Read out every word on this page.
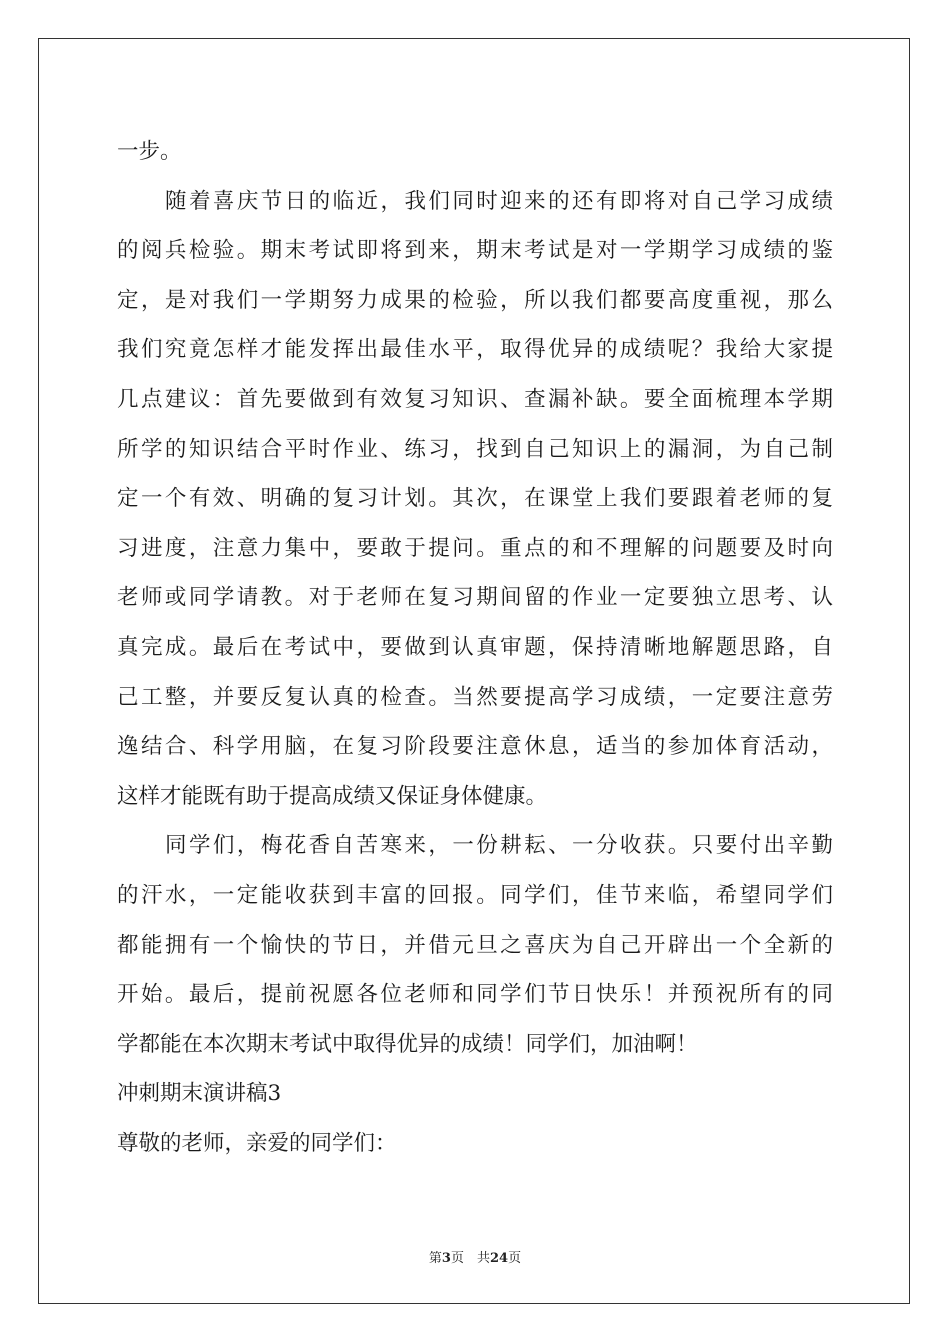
一步。
随着喜庆节日的临近，我们同时迎来的还有即将对自己学习成绩
的阅兵检验。期末考试即将到来，期末考试是对一学期学习成绩的鉴
定，是对我们一学期努力成果的检验，所以我们都要高度重视，那么
我们究竟怎样才能发挥出最佳水平，取得优异的成绩呢？我给大家提
几点建议：首先要做到有效复习知识、查漏补缺。要全面梳理本学期
所学的知识结合平时作业、练习，找到自己知识上的漏洞，为自己制
定一个有效、明确的复习计划。其次，在课堂上我们要跟着老师的复
习进度，注意力集中，要敢于提问。重点的和不理解的问题要及时向
老师或同学请教。对于老师在复习期间留的作业一定要独立思考、认
真完成。最后在考试中，要做到认真审题，保持清晰地解题思路，自
己工整，并要反复认真的检查。当然要提高学习成绩，一定要注意劳
逸结合、科学用脑，在复习阶段要注意休息，适当的参加体育活动，
这样才能既有助于提高成绩又保证身体健康。
同学们，梅花香自苦寒来，一份耕耘、一分收获。只要付出辛勤
的汗水，一定能收获到丰富的回报。同学们，佳节来临，希望同学们
都能拥有一个愉快的节日，并借元旦之喜庆为自己开辟出一个全新的
开始。最后，提前祝愿各位老师和同学们节日快乐！并预祝所有的同
学都能在本次期末考试中取得优异的成绩！同学们，加油啊！
冲刺期末演讲稿3
尊敬的老师，亲爱的同学们：
第3页　共24页
